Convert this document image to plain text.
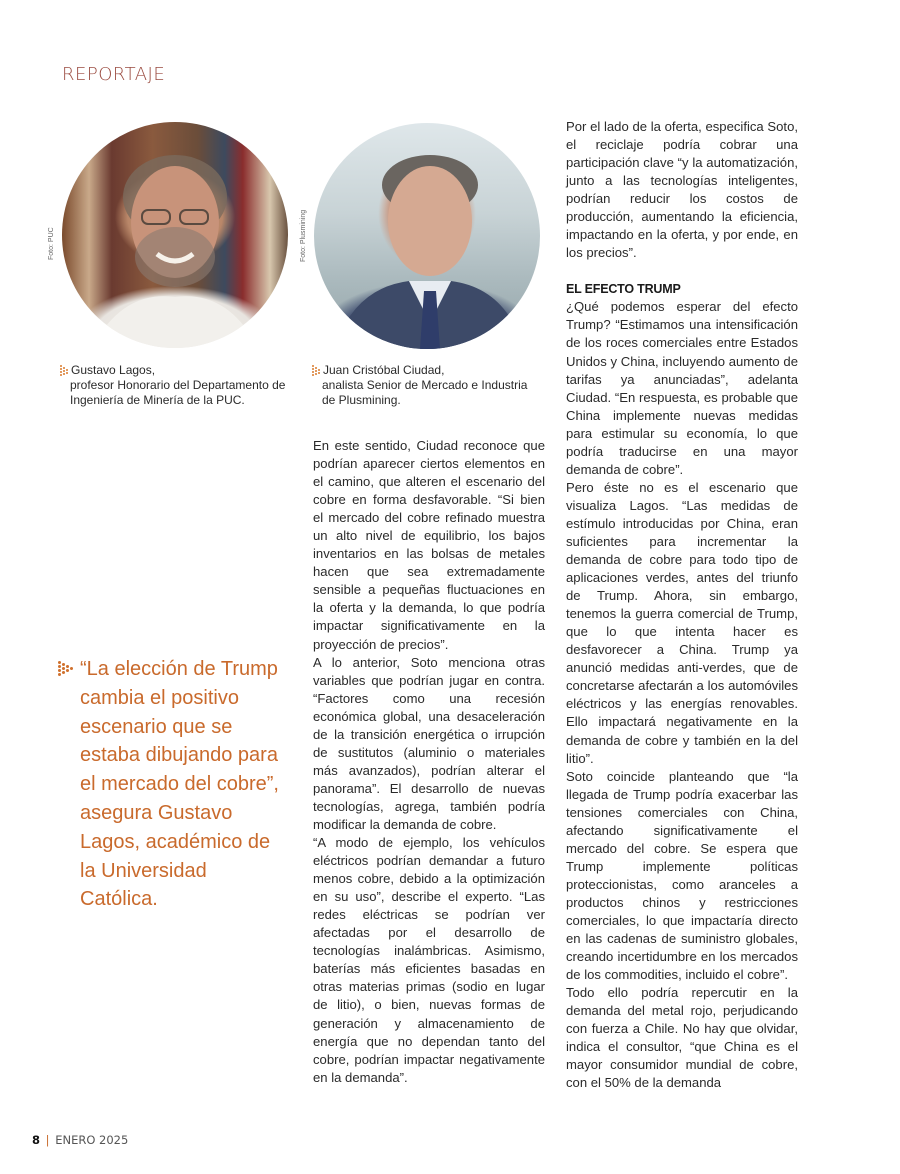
REPORTAJE
Foto: PUC	Foto: Plusmining
Gustavo Lagos,
profesor Honorario del Departamento de Ingeniería de Minería de la PUC.
Juan Cristóbal Ciudad,
analista Senior de Mercado e Industria de Plusmining.
“La elección de Trump cambia el positivo escenario que se estaba dibujando para el mercado del cobre”, asegura Gustavo Lagos, académico de la Universidad Católica.

En este sentido, Ciudad reconoce que podrían aparecer ciertos elementos en el camino, que alteren el escenario del cobre en forma desfavorable. “Si bien el mercado del cobre refinado muestra un alto nivel de equilibrio, los bajos inventarios en las bolsas de metales hacen que sea extremadamente sensible a pequeñas fluctuaciones en la oferta y la demanda, lo que podría impactar significativamente en la proyección de precios”.

A lo anterior, Soto menciona otras variables que podrían jugar en contra. “Factores como una recesión económica global, una desaceleración de la transición energética o irrupción de sustitutos (aluminio o materiales más avanzados), podrían alterar el panorama”. El desarrollo de nuevas tecnologías, agrega, también podría modificar la demanda de cobre.

“A modo de ejemplo, los vehículos eléctricos podrían demandar a futuro menos cobre, debido a la optimización en su uso”, describe el experto. “Las redes eléctricas se podrían ver afectadas por el desarrollo de tecnologías inalámbricas. Asimismo, baterías más eficientes basadas en otras materias primas (sodio en lugar de litio), o bien, nuevas formas de generación y almacenamiento de energía que no dependan tanto del cobre, podrían impactar negativamente en la demanda”.

Por el lado de la oferta, especifica Soto, el reciclaje podría cobrar una participación clave “y la automatización, junto a las tecnologías inteligentes, podrían reducir los costos de producción, aumentando la eficiencia, impactando en la oferta, y por ende, en los precios”.

EL EFECTO TRUMP

¿Qué podemos esperar del efecto Trump? “Estimamos una intensificación de los roces comerciales entre Estados Unidos y China, incluyendo aumento de tarifas ya anunciadas”, adelanta Ciudad. “En respuesta, es probable que China implemente nuevas medidas para estimular su economía, lo que podría traducirse en una mayor demanda de cobre”.

Pero éste no es el escenario que visualiza Lagos. “Las medidas de estímulo introducidas por China, eran suficientes para incrementar la demanda de cobre para todo tipo de aplicaciones verdes, antes del triunfo de Trump. Ahora, sin embargo, tenemos la guerra comercial de Trump, que lo que intenta hacer es desfavorecer a China. Trump ya anunció medidas anti-verdes, que de concretarse afectarán a los automóviles eléctricos y las energías renovables. Ello impactará negativamente en la demanda de cobre y también en la del litio”.

Soto coincide planteando que “la llegada de Trump podría exacerbar las tensiones comerciales con China, afectando significativamente el mercado del cobre. Se espera que Trump implemente políticas proteccionistas, como aranceles a productos chinos y restricciones comerciales, lo que impactaría directo en las cadenas de suministro globales, creando incertidumbre en los mercados de los commodities, incluido el cobre”.

Todo ello podría repercutir en la demanda del metal rojo, perjudicando con fuerza a Chile. No hay que olvidar, indica el consultor, “que China es el mayor consumidor mundial de cobre, con el 50% de la demanda

8 | ENERO 2025
